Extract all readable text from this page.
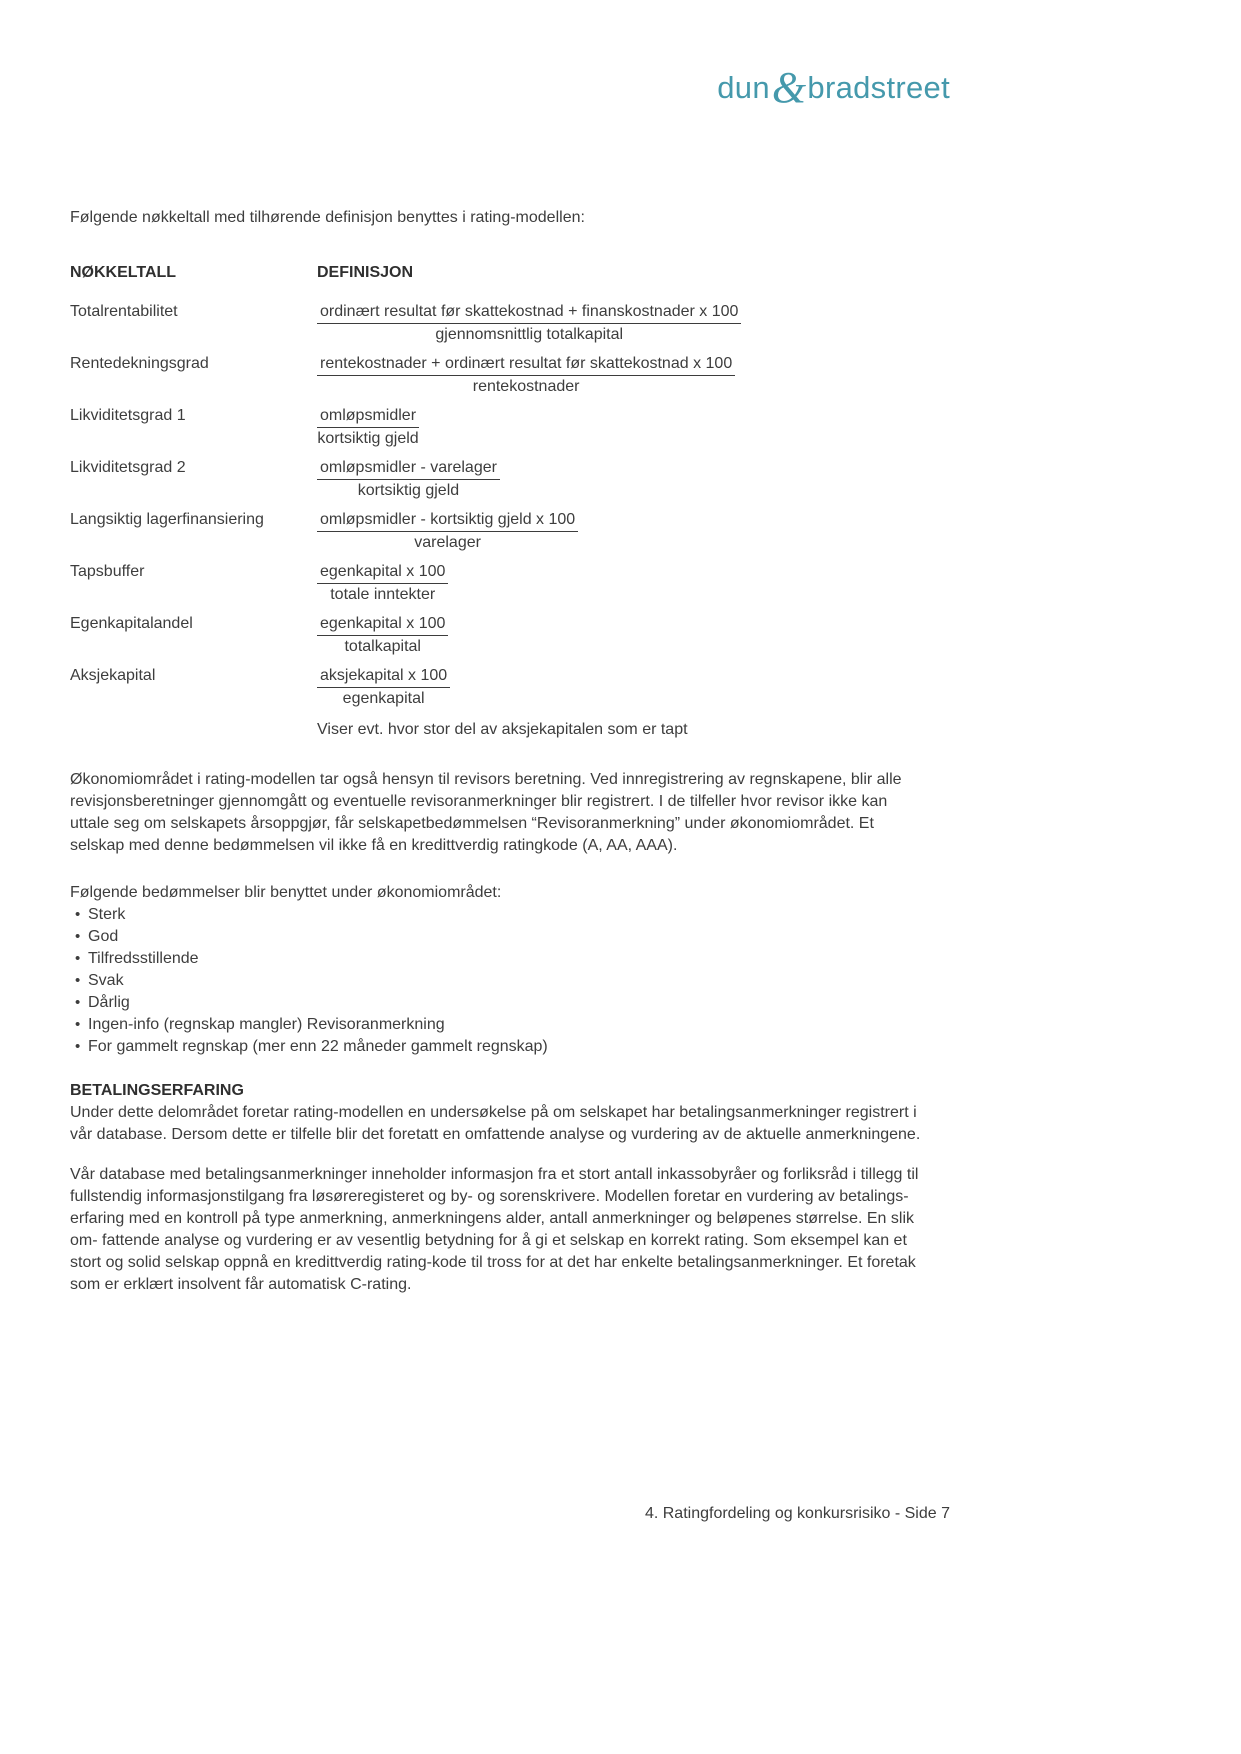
dun&bradstreet

Følgende nøkkeltall med tilhørende definisjon benyttes i rating-modellen:

NØKKELTALL	DEFINISJON
Totalrentabilitet	$\frac{\text{ordinært resultat før skattekostnad + finanskostnader x 100}}{\text{gjennomsnittlig totalkapital}}$
Rentedekningsgrad	$\frac{\text{rentekostnader + ordinært resultat før skattekostnad x 100}}{\text{rentekostnader}}$
Likviditetsgrad 1	$\frac{\text{omløpsmidler}}{\text{kortsiktig gjeld}}$
Likviditetsgrad 2	$\frac{\text{omløpsmidler - varelager}}{\text{kortsiktig gjeld}}$
Langsiktig lagerfinansiering	$\frac{\text{omløpsmidler - kortsiktig gjeld x 100}}{\text{varelager}}$
Tapsbuffer	$\frac{\text{egenkapital x 100}}{\text{totale inntekter}}$
Egenkapitalandel	$\frac{\text{egenkapital x 100}}{\text{totalkapital}}$
Aksjekapital	$\frac{\text{aksjekapital x 100}}{\text{egenkapital}}$
Viser evt. hvor stor del av aksjekapitalen som er tapt

Økonomiområdet i rating-modellen tar også hensyn til revisors beretning. Ved innregistrering av regnskapene, blir alle revisjonsberetninger gjennomgått og eventuelle revisoranmerkninger blir registrert. I de tilfeller hvor revisor ikke kan uttale seg om selskapets årsoppgjør, får selskapetbedømmelsen “Revisoranmerkning” under økonomiområdet. Et selskap med denne bedømmelsen vil ikke få en kredittverdig ratingkode (A, AA, AAA).

Følgende bedømmelser blir benyttet under økonomiområdet:

• Sterk
• God
• Tilfredsstillende
• Svak
• Dårlig
• Ingen-info (regnskap mangler) Revisoranmerkning
• For gammelt regnskap (mer enn 22 måneder gammelt regnskap)
BETALINGSERFARING

Under dette delområdet foretar rating-modellen en undersøkelse på om selskapet har betalingsanmerkninger registrert i vår database. Dersom dette er tilfelle blir det foretatt en omfattende analyse og vurdering av de aktuelle anmerkningene.

Vår database med betalingsanmerkninger inneholder informasjon fra et stort antall inkassobyråer og forliksråd i tillegg til fullstendig informasjonstilgang fra løsøreregisteret og by- og sorenskrivere. Modellen foretar en vurdering av betalings- erfaring med en kontroll på type anmerkning, anmerkningens alder, antall anmerkninger og beløpenes størrelse. En slik om- fattende analyse og vurdering er av vesentlig betydning for å gi et selskap en korrekt rating. Som eksempel kan et stort og solid selskap oppnå en kredittverdig rating-kode til tross for at det har enkelte betalingsanmerkninger. Et foretak som er erklært insolvent får automatisk C-rating.

4. Ratingfordeling og konkursrisiko - Side 7
